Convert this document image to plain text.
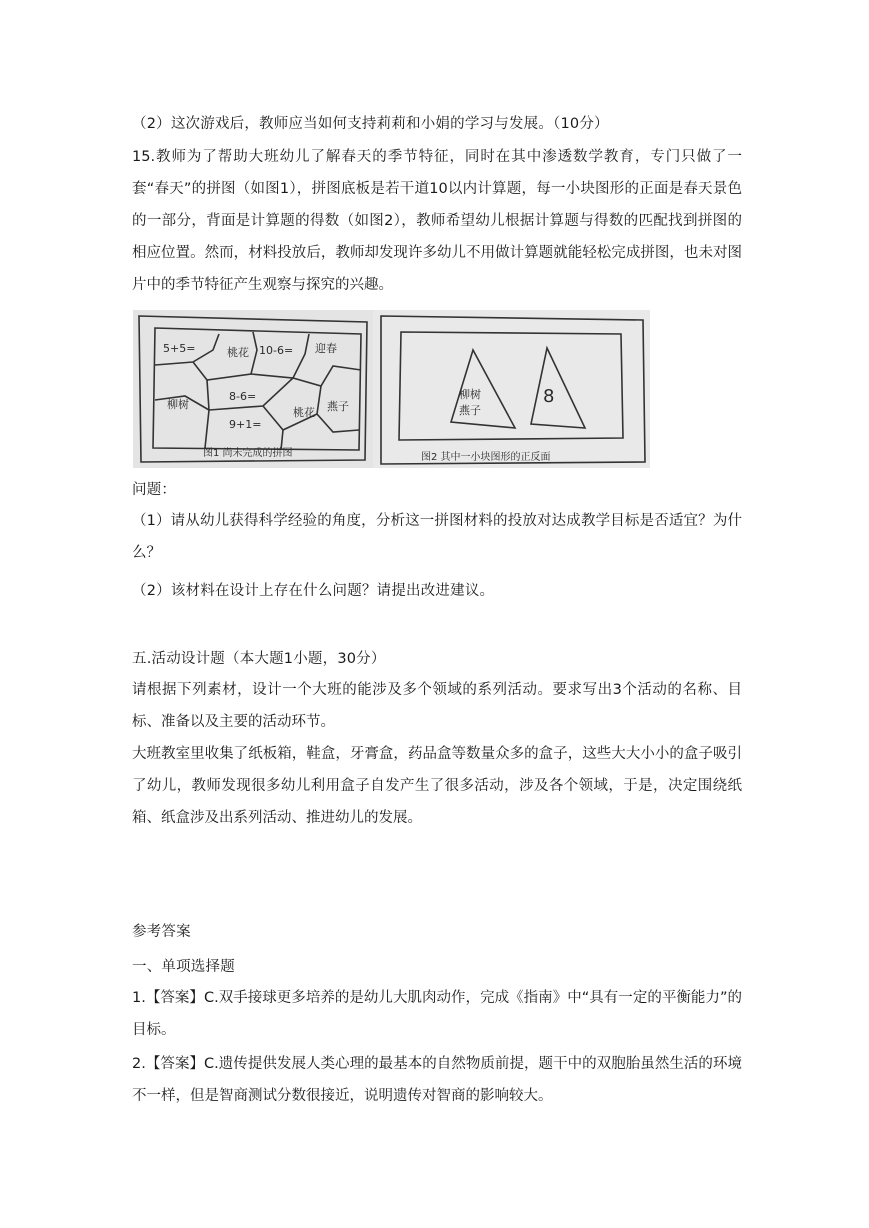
（2）这次游戏后，教师应当如何支持莉莉和小娟的学习与发展。（10分）

15.教师为了帮助大班幼儿了解春天的季节特征，同时在其中渗透数学教育，专门只做了一套“春天”的拼图（如图1），拼图底板是若干道10以内计算题，每一小块图形的正面是春天景色的一部分，背面是计算题的得数（如图2），教师希望幼儿根据计算题与得数的匹配找到拼图的相应位置。然而，材料投放后，教师却发现许多幼儿不用做计算题就能轻松完成拼图，也未对图片中的季节特征产生观察与探究的兴趣。

5+5=	桃花 10-6= 迎春
柳树
8-6=
9+1=
桃花 燕子
图1 尚未完成的拼图
柳树
燕子
8
图2 其中一小块图形的正反面

问题：

（1）请从幼儿获得科学经验的角度，分析这一拼图材料的投放对达成教学目标是否适宜？为什么？

（2）该材料在设计上存在什么问题？请提出改进建议。

五.活动设计题（本大题1小题，30分）

请根据下列素材，设计一个大班的能涉及多个领域的系列活动。要求写出3个活动的名称、目标、准备以及主要的活动环节。

大班教室里收集了纸板箱，鞋盒，牙膏盒，药品盒等数量众多的盒子，这些大大小小的盒子吸引了幼儿，教师发现很多幼儿利用盒子自发产生了很多活动，涉及各个领域，于是，决定围绕纸箱、纸盒涉及出系列活动、推进幼儿的发展。

参考答案

一、单项选择题

1.【答案】C.双手接球更多培养的是幼儿大肌肉动作，完成《指南》中“具有一定的平衡能力”的目标。

2.【答案】C.遗传提供发展人类心理的最基本的自然物质前提，题干中的双胞胎虽然生活的环境不一样，但是智商测试分数很接近，说明遗传对智商的影响较大。
